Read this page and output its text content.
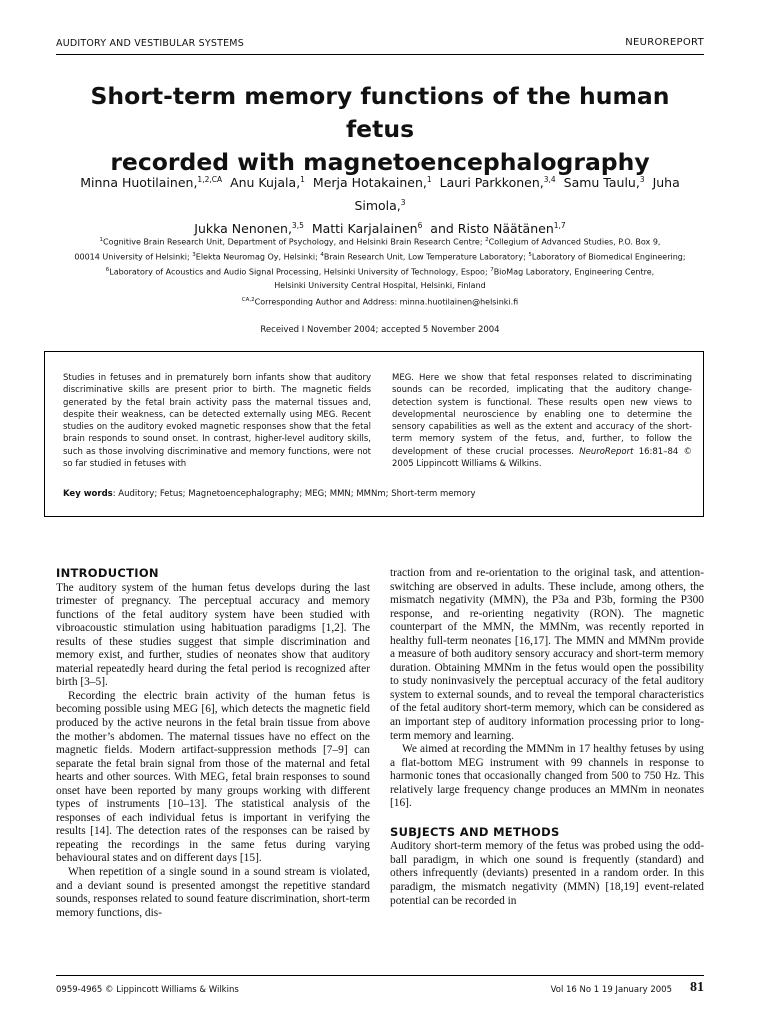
AUDITORY AND VESTIBULAR SYSTEMS	NEUROREPORT
Short-term memory functions of the human fetus
recorded with magnetoencephalography
Minna Huotilainen,$^{1,2,CA}$ Anu Kujala,$^1$ Merja Hotakainen,$^1$ Lauri Parkkonen,$^{3,4}$ Samu Taulu,$^3$ Juha Simola,$^3$
Jukka Nenonen,$^{3,5}$ Matti Karjalainen$^6$ and Risto Näätänen$^{1,7}$
$^1$Cognitive Brain Research Unit, Department of Psychology, and Helsinki Brain Research Centre; $^2$Collegium of Advanced Studies, P.O. Box 9,
00014 University of Helsinki; $^3$Elekta Neuromag Oy, Helsinki; $^4$Brain Research Unit, Low Temperature Laboratory; $^5$Laboratory of Biomedical Engineering;
$^6$Laboratory of Acoustics and Audio Signal Processing, Helsinki University of Technology, Espoo; $^7$BioMag Laboratory, Engineering Centre,
Helsinki University Central Hospital, Helsinki, Finland
$^{CA,2}$Corresponding Author and Address: minna.huotilainen@helsinki.fi
Received I November 2004; accepted 5 November 2004
Studies in fetuses and in prematurely born infants show that auditory discriminative skills are present prior to birth. The magnetic fields generated by the fetal brain activity pass the maternal tissues and, despite their weakness, can be detected externally using MEG. Recent studies on the auditory evoked magnetic responses show that the fetal brain responds to sound onset. In contrast, higher-level auditory skills, such as those involving discriminative and memory functions, were not so far studied in fetuses with
MEG. Here we show that fetal responses related to discriminating sounds can be recorded, implicating that the auditory change-detection system is functional. These results open new views to developmental neuroscience by enabling one to determine the sensory capabilities as well as the extent and accuracy of the short-term memory system of the fetus, and, further, to follow the development of these crucial processes. NeuroReport 16:81–84 © 2005 Lippincott Williams & Wilkins.
Key words: Auditory; Fetus; Magnetoencephalography; MEG; MMN; MMNm; Short-term memory
INTRODUCTION

The auditory system of the human fetus develops during the last trimester of pregnancy. The perceptual accuracy and memory functions of the fetal auditory system have been studied with vibroacoustic stimulation using habituation paradigms [1,2]. The results of these studies suggest that simple discrimination and memory exist, and further, studies of neonates show that auditory material repeatedly heard during the fetal period is recognized after birth [3–5].

Recording the electric brain activity of the human fetus is becoming possible using MEG [6], which detects the magnetic field produced by the active neurons in the fetal brain tissue from above the mother’s abdomen. The maternal tissues have no effect on the magnetic fields. Modern artifact-suppression methods [7–9] can separate the fetal brain signal from those of the maternal and fetal hearts and other sources. With MEG, fetal brain responses to sound onset have been reported by many groups working with different types of instruments [10–13]. The statistical analysis of the responses of each individual fetus is important in verifying the results [14]. The detection rates of the responses can be raised by repeating the recordings in the same fetus during varying behavioural states and on different days [15].

When repetition of a single sound in a sound stream is violated, and a deviant sound is presented amongst the repetitive standard sounds, responses related to sound feature discrimination, short-term memory functions, dis-

traction from and re-orientation to the original task, and attention-switching are observed in adults. These include, among others, the mismatch negativity (MMN), the P3a and P3b, forming the P300 response, and re-orienting negativity (RON). The magnetic counterpart of the MMN, the MMNm, was recently reported in healthy full-term neonates [16,17]. The MMN and MMNm provide a measure of both auditory sensory accuracy and short-term memory duration. Obtaining MMNm in the fetus would open the possibility to study noninvasively the perceptual accuracy of the fetal auditory system to external sounds, and to reveal the temporal characteristics of the fetal auditory short-term memory, which can be considered as an important step of auditory information processing prior to long-term memory and learning.

We aimed at recording the MMNm in 17 healthy fetuses by using a flat-bottom MEG instrument with 99 channels in response to harmonic tones that occasionally changed from 500 to 750 Hz. This relatively large frequency change produces an MMNm in neonates [16].

SUBJECTS AND METHODS

Auditory short-term memory of the fetus was probed using the odd-ball paradigm, in which one sound is frequently (standard) and others infrequently (deviants) presented in a random order. In this paradigm, the mismatch negativity (MMN) [18,19] event-related potential can be recorded in

0959-4965 © Lippincott Williams & Wilkins	Vol 16 No 1 19 January 2005 81
